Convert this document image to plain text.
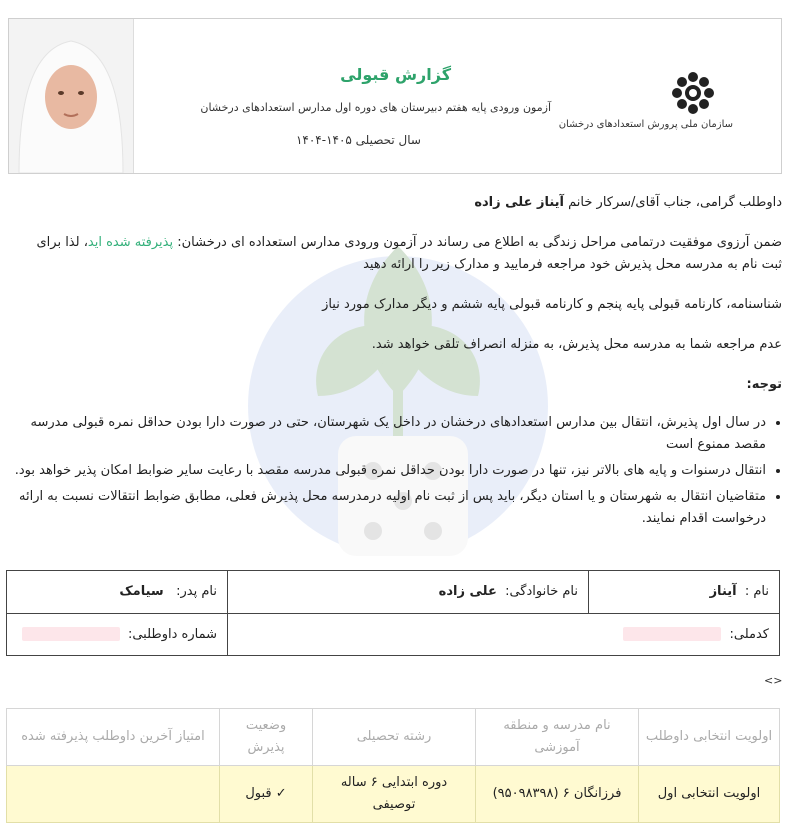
گزارش قبولی
آزمون ورودی پایه هفتم دبیرستان های دوره اول مدارس استعدادهای درخشان
سال تحصیلی ۱۴۰۵-۱۴۰۴
سازمان ملی پرورش استعدادهای درخشان
داوطلب گرامی، جناب آقای/سرکار خانم آیناز علی زاده
ضمن آرزوی موفقیت درتمامی مراحل زندگی به اطلاع می رساند در آزمون ورودی مدارس استعداده ای درخشان: پذیرفته شده اید، لذا برای ثبت نام به مدرسه محل پذیرش خود مراجعه فرمایید و مدارک زیر را ارائه دهید
شناسنامه، کارنامه قبولی پایه پنجم و کارنامه قبولی پایه ششم و دیگر مدارک مورد نیاز
عدم مراجعه شما به مدرسه محل پذیرش، به منزله انصراف تلقی خواهد شد.
توجه:
• در سال اول پذیرش، انتقال بین مدارس استعدادهای درخشان در داخل یک شهرستان، حتی در صورت دارا بودن حداقل نمره قبولی مدرسه مقصد ممنوع است
• انتقال درسنوات و پایه های بالاتر نیز، تنها در صورت دارا بودن حداقل نمره قبولی مدرسه مقصد با رعایت سایر ضوابط امکان پذیر خواهد بود.
• متقاضیان انتقال به شهرستان و یا استان دیگر، باید پس از ثبت نام اولیه درمدرسه محل پذیرش فعلی، مطابق ضوابط انتقالات نسبت به ارائه درخواست اقدام نمایند.
نام :  آیناز	نام خانوادگی:  علی زاده	نام پدر:   سیامک
کدملی:		شماره داوطلبی:
<>
اولویت انتخابی داوطلب	نام مدرسه و منطقه آموزشی	رشته تحصیلی	وضعیت پذیرش	امتیاز آخرین داوطلب پذیرفته شده
اولویت انتخابی اول	فرزانگان ۶ (۹۵۰۹۸۳۹۸)	دوره ابتدایی ۶ ساله توصیفی	✓ قبول	
